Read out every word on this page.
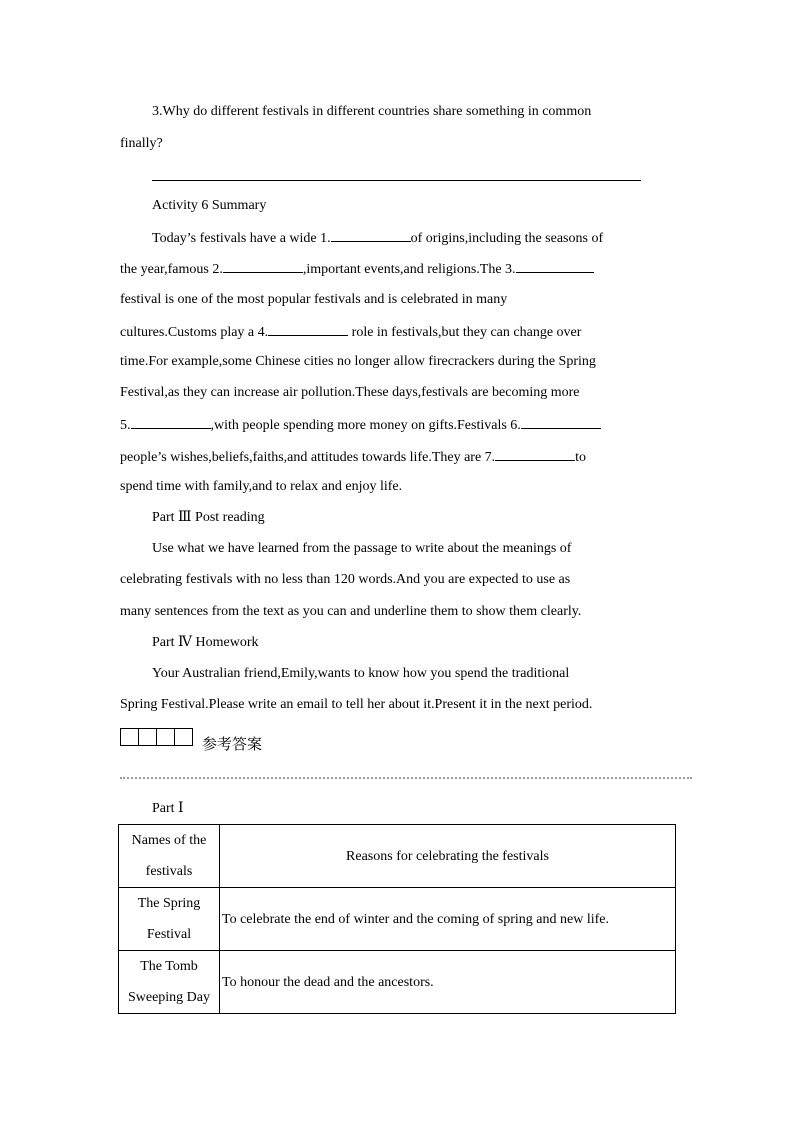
3.Why do different festivals in different countries share something in common
finally?
Activity 6 Summary
Today’s festivals have a wide 1.	of origins,including the seasons of
the year,famous 2.	,important events,and religions.The 3.
festival is one of the most popular festivals and is celebrated in many
cultures.Customs play a 4.	role in festivals,but they can change over
time.For example,some Chinese cities no longer allow firecrackers during the Spring
Festival,as they can increase air pollution.These days,festivals are becoming more
5.	,with people spending more money on gifts.Festivals 6.
people’s wishes,beliefs,faiths,and attitudes towards life.They are 7.	to
spend time with family,and to relax and enjoy life.
Part Ⅲ Post reading
Use what we have learned from the passage to write about the meanings of
celebrating festivals with no less than 120 words.And you are expected to use as
many sentences from the text as you can and underline them to show them clearly.
Part Ⅳ Homework
Your Australian friend,Emily,wants to know how you spend the traditional
Spring Festival.Please write an email to tell her about it.Present it in the next period.
参考答案
Part Ⅰ
Names of the festivals	Reasons for celebrating the festivals
The Spring Festival	To celebrate the end of winter and the coming of spring and new life.
The Tomb Sweeping Day	To honour the dead and the ancestors.
